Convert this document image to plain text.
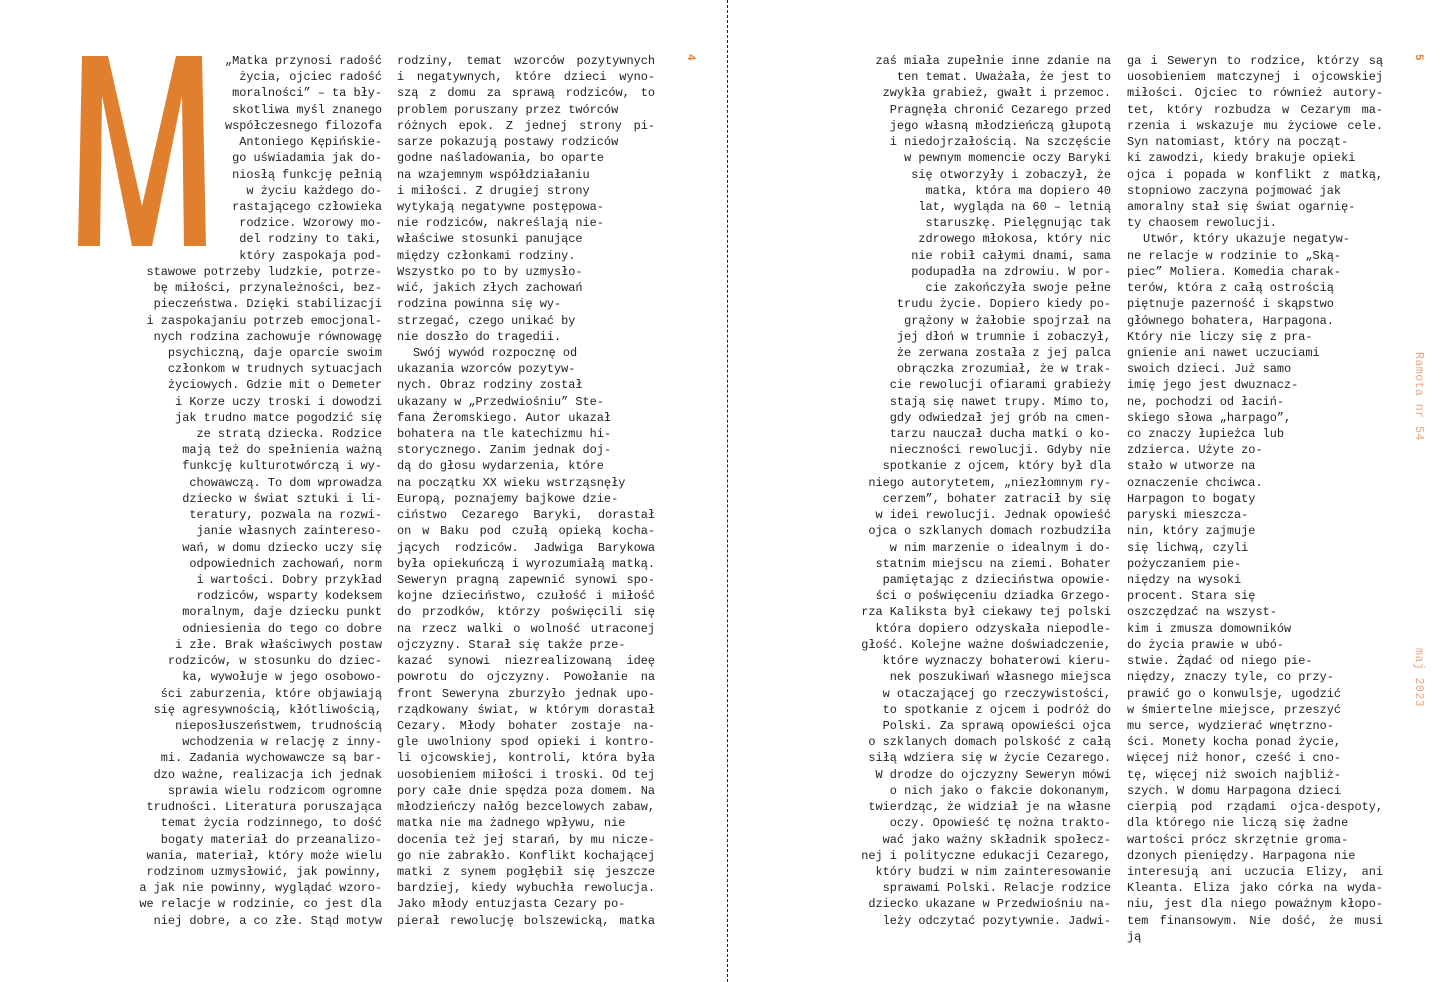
„Matka przynosi radość
życia, ojciec radość
moralności” – ta bły-
skotliwa myśl znanego
współczesnego filozofa
Antoniego Kępińskie-
go uświadamia jak do-
niosłą funkcję pełnią
w życiu każdego do-
rastającego człowieka
rodzice. Wzorowy mo-
del rodziny to taki,
który zaspokaja pod-
stawowe potrzeby ludzkie, potrze-
bę miłości, przynależności, bez-
pieczeństwa. Dzięki stabilizacji
i zaspokajaniu potrzeb emocjonal-
nych rodzina zachowuje równowagę
psychiczną, daje oparcie swoim
członkom w trudnych sytuacjach
życiowych. Gdzie mit o Demeter
i Korze uczy troski i dowodzi
jak trudno matce pogodzić się
ze stratą dziecka. Rodzice
mają też do spełnienia ważną
funkcję kulturotwórczą i wy-
chowawczą. To dom wprowadza
dziecko w świat sztuki i li-
teratury, pozwala na rozwi-
janie własnych zainteresо-
wań, w domu dziecko uczy się
odpowiednich zachowań, norm
i wartości. Dobry przykład
rodziców, wsparty kodeksem
moralnym, daje dziecku punkt
odniesienia do tego co dobre
i złe. Brak właściwych postaw
rodziców, w stosunku do dziec-
ka, wywołuje w jego osobowo-
ści zaburzenia, które objawiają
się agresywnością, kłótliwością,
nieposłuszeństwem, trudnością
wchodzenia w relację z inny-
mi. Zadania wychowawcze są bar-
dzo ważne, realizacja ich jednak
sprawia wielu rodzicom ogromne
trudności. Literatura poruszająca
temat życia rodzinnego, to dość
bogaty materiał do przeanalizo-
wania, materiał, który może wielu
rodzinom uzmysłowić, jak powinny,
a jak nie powinny, wyglądać wzoro-
we relacje w rodzinie, co jest dla
niej dobre, a co złe. Stąd motyw
rodziny, temat wzorców pozytywnych
i negatywnych, które dzieci wyno-
szą z domu za sprawą rodziców, to
problem poruszany przez twórców
różnych epok. Z jednej strony pi-
sarze pokazują postawy rodziców
godne naśladowania, bo oparte
na wzajemnym współdziałaniu
i miłości. Z drugiej strony
wytykają negatywne postępowa-
nie rodziców, nakreślają nie-
właściwe stosunki panujące
między członkami rodziny.
Wszystko po to by uzmysło-
wić, jakich złych zachowań
rodzina powinna się wy-
strzegać, czego unikać by
nie doszło do tragedii.
Swój wywód rozpocznę od
ukazania wzorców pozytyw-
nych. Obraz rodziny został
ukazany w „Przedwiośniu” Ste-
fana Żeromskiego. Autor ukazał
bohatera na tle katechizmu hi-
storycznego. Zanim jednak doj-
dą do głosu wydarzenia, które
na początku XX wieku wstrząsnęły
Europą, poznajemy bajkowe dzie-
ciństwo Cezarego Baryki, dorastał
on w Baku pod czułą opieką kocha-
jących rodziców. Jadwiga Barykowa
była opiekuńczą i wyrozumiałą matką.
Seweryn pragną zapewnić synowi spo-
kojne dzieciństwo, czułość i miłość
do przodków, którzy poświęcili się
na rzecz walki o wolność utraconej
ojczyzny. Starał się także prze-
kazać synowi niezrealizowaną ideę
powrotu do ojczyzny. Powołanie na
front Seweryna zburzyło jednak upo-
rządkowany świat, w którym dorastał
Cezary. Młody bohater zostaje na-
gle uwolniony spod opieki i kontro-
li ojcowskiej, kontroli, która była
uosobieniem miłości i troski. Od tej
pory całe dnie spędza poza domem. Na
młodzieńczy nałóg bezcelowych zabaw,
matka nie ma żadnego wpływu, nie
docenia też jej starań, by mu nicze-
go nie zabrakło. Konflikt kochającej
matki z synem pogłębił się jeszcze
bardziej, kiedy wybuchła rewolucja.
Jako młody entuzjasta Cezary po-
pierał rewolucję bolszewicką, matka
zaś miała zupełnie inne zdanie na
ten temat. Uważała, że jest to
zwykła grabież, gwałt i przemoc.
Pragnęła chronić Cezarego przed
jego własną młodzieńczą głupotą
i niedojrzałością. Na szczęście
w pewnym momencie oczy Baryki
się otworzyły i zobaczył, że
matka, która ma dopiero 40
lat, wygląda na 60 – letnią
staruszkę. Pielęgnując tak
zdrowego młokosa, który nic
nie robił całymi dnami, sama
podupadła na zdrowiu. W por-
cie zakończyła swoje pełne
trudu życie. Dopiero kiedy po-
grążony w żałobie spojrzał na
jej dłoń w trumnie i zobaczył,
że zerwana została z jej palca
obrączka zrozumiał, że w trak-
cie rewolucji ofiarami grabieży
stają się nawet trupy. Mimo to,
gdy odwiedzał jej grób na cmen-
tarzu nauczał ducha matki o ko-
nieczności rewolucji. Gdyby nie
spotkanie z ojcem, który był dla
niego autorytetem, „niezłomnym ry-
cerzem”, bohater zatracił by się
w idei rewolucji. Jednak opowieść
ojca o szklanych domach rozbudziła
w nim marzenie o idealnym i do-
statnim miejscu na ziemi. Bohater
pamiętając z dzieciństwa opowie-
ści o poświęceniu dziadka Grzego-
rza Kaliksta był ciekawy tej polski
która dopiero odzyskała niepodle-
głość. Kolejne ważne doświadczenie,
które wyznaczy bohaterowi kieru-
nek poszukiwań własnego miejsca
w otaczającej go rzeczywistości,
to spotkanie z ojcem i podróż do
Polski. Za sprawą opowieści ojca
o szklanych domach polskość z całą
siłą wdziera się w życie Cezarego.
W drodze do ojczyzny Seweryn mówi
o nich jako o fakcie dokonanym,
twierdząc, że widział je na własne
oczy. Opowieść tę nożna trakto-
wać jako ważny składnik społecz-
nej i polityczne edukacji Cezarego,
który budzi w nim zainteresowanie
sprawami Polski. Relacje rodzice
dziecko ukazane w Przedwiośniu na-
leży odczytać pozytywnie. Jadwi-
ga i Seweryn to rodzice, którzy są
uosobieniem matczynej i ojcowskiej
miłości. Ojciec to również autory-
tet, który rozbudza w Cezarym ma-
rzenia i wskazuje mu życiowe cele.
Syn natomiast, który na począt-
ki zawodzi, kiedy brakuje opieki
ojca i popada w konflikt z matką,
stopniowo zaczyna pojmować jak
amoralny stał się świat ogarnię-
ty chaosem rewolucji.
Utwór, który ukazuje negatyw-
ne relacje w rodzinie to „Ską-
piec” Moliera. Komedia charak-
terów, która z całą ostrością
piętnuje pazerność i skąpstwo
głównego bohatera, Harpagona.
Który nie liczy się z pra-
gnienie ani nawet uczuciami
swoich dzieci. Już samo
imię jego jest dwuznacz-
ne, pochodzi od łaciń-
skiego słowa „harpago”,
co znaczy łupieżca lub
zdzierca. Użyte zo-
stało w utworze na
oznaczenie chciwca.
Harpagon to bogaty
paryski mieszcza-
nin, który zajmuje
się lichwą, czyli
pożyczaniem pie-
niędzy na wysoki
procent. Stara się
oszczędzać na wszyst-
kim i zmusza domowników
do życia prawie w ubó-
stwie. Żądać od niego pie-
niędzy, znaczy tyle, co przy-
prawić go o konwulsje, ugodzić
w śmiertelne miejsce, przeszyć
mu serce, wydzierać wnętrzno-
ści. Monety kocha ponad życie,
więcej niż honor, cześć i cno-
tę, więcej niż swoich najbliż-
szych. W domu Harpagona dzieci
cierpią pod rządami ojca-despoty,
dla którego nie liczą się żadne
wartości prócz skrzętnie groma-
dzonych pieniędzy. Harpagona nie
interesują ani uczucia Elizy, ani
Kleanta. Eliza jako córka na wyda-
niu, jest dla niego poważnym kłopo-
tem finansowym. Nie dość, że musi ją
4	5
Ramota nr 54
maj 2023
